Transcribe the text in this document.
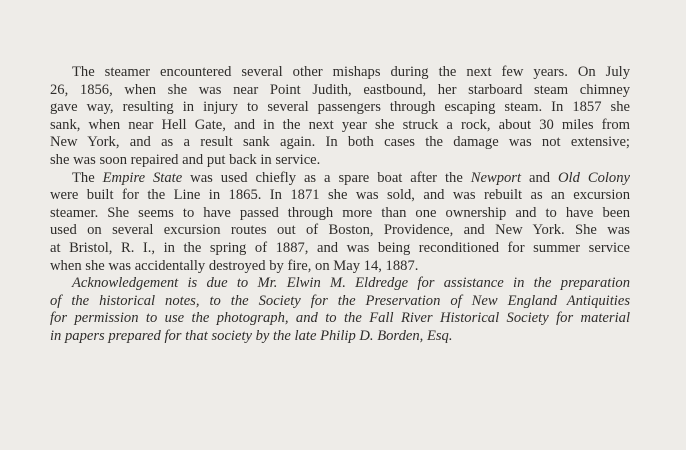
The steamer encountered several other mishaps during the next few years. On July
26, 1856, when she was near Point Judith, eastbound, her starboard steam chimney
gave way, resulting in injury to several passengers through escaping steam. In 1857 she
sank, when near Hell Gate, and in the next year she struck a rock, about 30 miles from
New York, and as a result sank again. In both cases the damage was not extensive;
she was soon repaired and put back in service.
The Empire State was used chiefly as a spare boat after the Newport and Old Colony
were built for the Line in 1865. In 1871 she was sold, and was rebuilt as an excursion
steamer. She seems to have passed through more than one ownership and to have been
used on several excursion routes out of Boston, Providence, and New York. She was
at Bristol, R. I., in the spring of 1887, and was being reconditioned for summer service
when she was accidentally destroyed by fire, on May 14, 1887.
Acknowledgement is due to Mr. Elwin M. Eldredge for assistance in the preparation
of the historical notes, to the Society for the Preservation of New England Antiquities
for permission to use the photograph, and to the Fall River Historical Society for material
in papers prepared for that society by the late Philip D. Borden, Esq.
